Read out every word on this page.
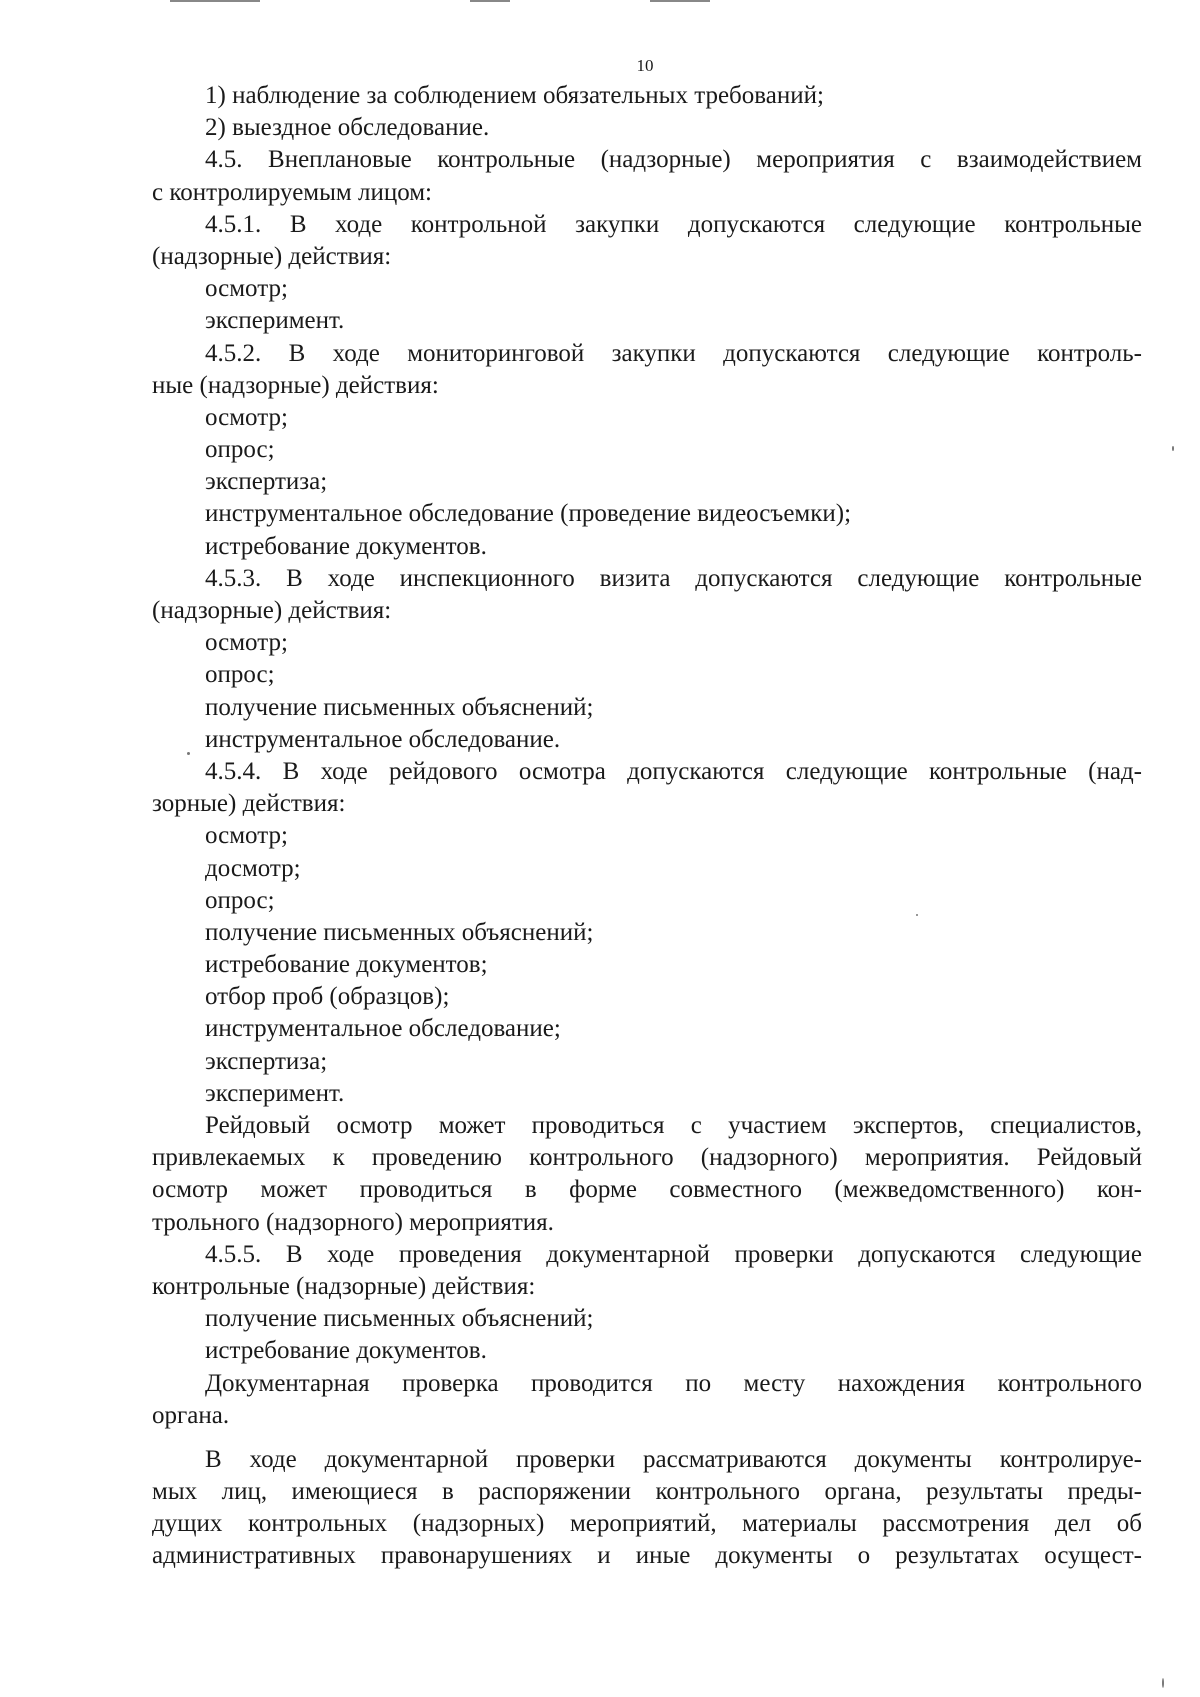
10
1) наблюдение за соблюдением обязательных требований;
2) выездное обследование.
4.5. Внеплановые контрольные (надзорные) мероприятия с взаимодействием
с контролируемым лицом:
4.5.1. В ходе контрольной закупки допускаются следующие контрольные
(надзорные) действия:
осмотр;
эксперимент.
4.5.2. В ходе мониторинговой закупки допускаются следующие контроль-
ные (надзорные) действия:
осмотр;
опрос;
экспертиза;
инструментальное обследование (проведение видеосъемки);
истребование документов.
4.5.3. В ходе инспекционного визита допускаются следующие контрольные
(надзорные) действия:
осмотр;
опрос;
получение письменных объяснений;
инструментальное обследование.
4.5.4. В ходе рейдового осмотра допускаются следующие контрольные (над-
зорные) действия:
осмотр;
досмотр;
опрос;
получение письменных объяснений;
истребование документов;
отбор проб (образцов);
инструментальное обследование;
экспертиза;
эксперимент.
Рейдовый осмотр может проводиться с участием экспертов, специалистов,
привлекаемых к проведению контрольного (надзорного) мероприятия. Рейдовый
осмотр может проводиться в форме совместного (межведомственного) кон-
трольного (надзорного) мероприятия.
4.5.5. В ходе проведения документарной проверки допускаются следующие
контрольные (надзорные) действия:
получение письменных объяснений;
истребование документов.
Документарная проверка проводится по месту нахождения контрольного
органа.
В ходе документарной проверки рассматриваются документы контролируе-
мых лиц, имеющиеся в распоряжении контрольного органа, результаты преды-
дущих контрольных (надзорных) мероприятий, материалы рассмотрения дел об
административных правонарушениях и иные документы о результатах осущест-
